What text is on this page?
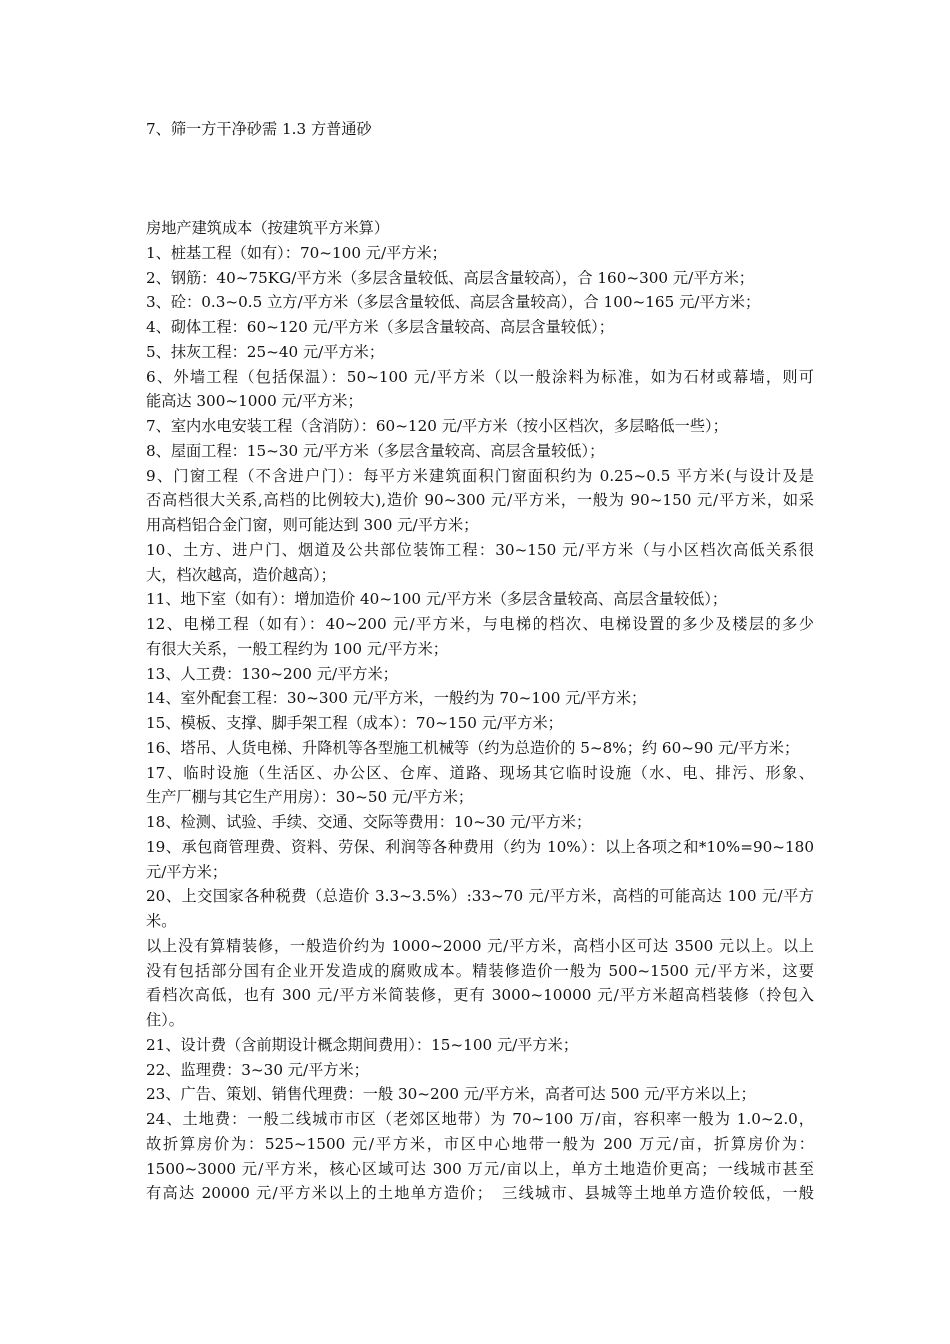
7、筛一方干净砂需 1.3 方普通砂
房地产建筑成本（按建筑平方米算）
1、桩基工程（如有）：70~100 元/平方米；
2、钢筋：40~75KG/平方米（多层含量较低、高层含量较高），合 160~300 元/平方米；
3、砼：0.3~0.5 立方/平方米（多层含量较低、高层含量较高），合 100~165 元/平方米；
4、砌体工程：60~120 元/平方米（多层含量较高、高层含量较低）；
5、抹灰工程：25~40 元/平方米；
6、外墙工程（包括保温）：50~100 元/平方米（以一般涂料为标准，如为石材或幕墙，则可
能高达 300~1000 元/平方米；
7、室内水电安装工程（含消防）：60~120 元/平方米（按小区档次，多层略低一些）；
8、屋面工程：15~30 元/平方米（多层含量较高、高层含量较低）；
9、门窗工程（不含进户门）：每平方米建筑面积门窗面积约为 0.25~0.5 平方米(与设计及是
否高档很大关系,高档的比例较大),造价 90~300 元/平方米，一般为 90~150 元/平方米，如采
用高档铝合金门窗，则可能达到 300 元/平方米；
10、土方、进户门、烟道及公共部位装饰工程：30~150 元/平方米（与小区档次高低关系很
大，档次越高，造价越高）；
11、地下室（如有）：增加造价 40~100 元/平方米（多层含量较高、高层含量较低）；
12、电梯工程（如有）：40~200 元/平方米，与电梯的档次、电梯设置的多少及楼层的多少
有很大关系，一般工程约为 100 元/平方米；
13、人工费：130~200 元/平方米；
14、室外配套工程：30~300 元/平方米，一般约为 70~100 元/平方米；
15、模板、支撑、脚手架工程（成本）：70~150 元/平方米；
16、塔吊、人货电梯、升降机等各型施工机械等（约为总造价的 5~8%；约 60~90 元/平方米；
17、临时设施（生活区、办公区、仓库、道路、现场其它临时设施（水、电、排污、形象、
生产厂棚与其它生产用房）：30~50 元/平方米；
18、检测、试验、手续、交通、交际等费用：10~30 元/平方米；
19、承包商管理费、资料、劳保、利润等各种费用（约为 10%）：以上各项之和*10%=90~180
元/平方米；
20、上交国家各种税费（总造价 3.3~3.5%）:33~70 元/平方米，高档的可能高达 100 元/平方
米。
以上没有算精装修，一般造价约为 1000~2000 元/平方米，高档小区可达 3500 元以上。以上
没有包括部分国有企业开发造成的腐败成本。精装修造价一般为 500~1500 元/平方米，这要
看档次高低，也有 300 元/平方米简装修，更有 3000~10000 元/平方米超高档装修（拎包入
住）。
21、设计费（含前期设计概念期间费用）：15~100 元/平方米；
22、监理费：3~30 元/平方米；
23、广告、策划、销售代理费：一般 30~200 元/平方米，高者可达 500 元/平方米以上；
24、土地费：一般二线城市市区（老郊区地带）为 70~100 万/亩，容积率一般为 1.0~2.0，
故折算房价为：525~1500 元/平方米，市区中心地带一般为 200 万元/亩，折算房价为：
1500~3000 元/平方米，核心区域可达 300 万元/亩以上，单方土地造价更高；一线城市甚至
有高达 20000 元/平方米以上的土地单方造价；　三线城市、县城等土地单方造价较低，一般
